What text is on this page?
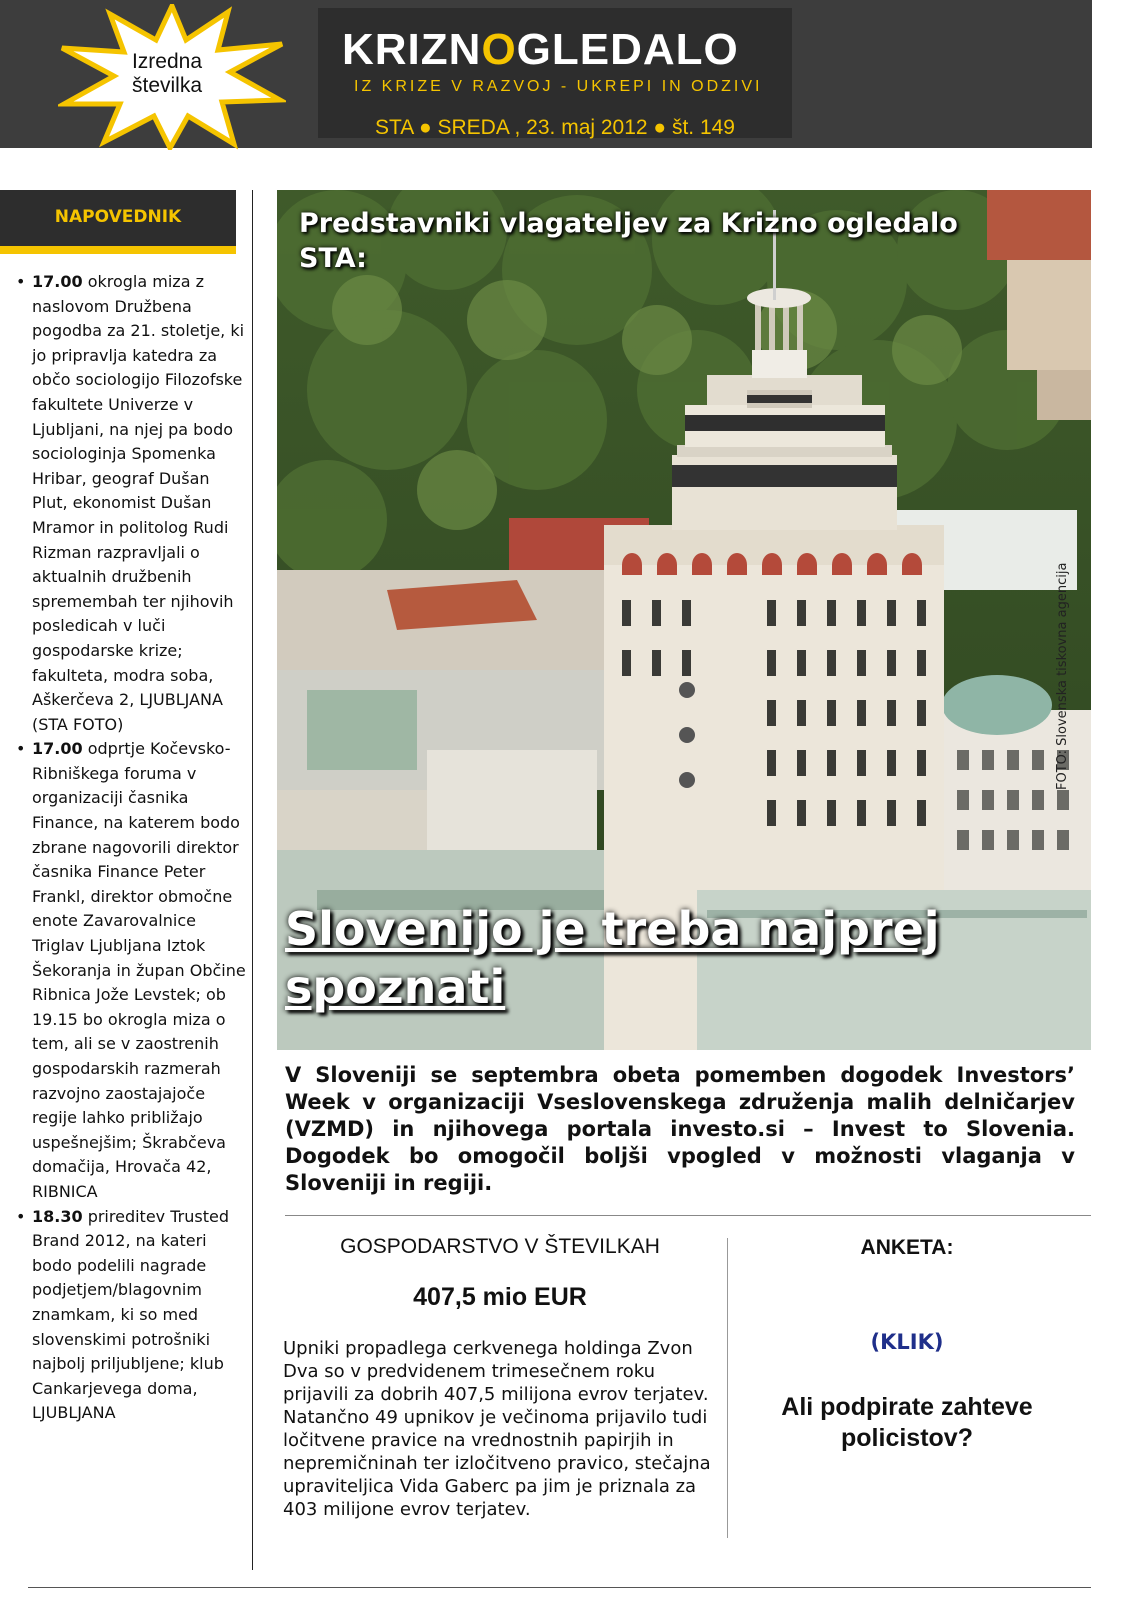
Izredna
številka
KRIZNOGLEDALO
IZ KRIZE V RAZVOJ - UKREPI IN ODZIVI
STA ● SREDA , 23. maj 2012 ● št. 149
NAPOVEDNIK
• 17.00 okrogla miza z naslovom Družbena pogodba za 21. stoletje, ki jo pripravlja katedra za občo sociologijo Filozofske fakultete Univerze v Ljubljani, na njej pa bodo sociologinja Spomenka Hribar, geograf Dušan Plut, ekonomist Dušan Mramor in politolog Rudi Rizman razpravljali o aktualnih družbenih spremembah ter njihovih posledicah v luči gospodarske krize; fakulteta, modra soba, Aškerčeva 2, LJUBLJANA (STA FOTO)
• 17.00 odprtje Kočevsko-Ribniškega foruma v organizaciji časnika Finance, na katerem bodo zbrane nagovorili direktor časnika Finance Peter Frankl, direktor območne enote Zavarovalnice Triglav Ljubljana Iztok Šekoranja in župan Občine Ribnica Jože Levstek; ob 19.15 bo okrogla miza o tem, ali se v zaostrenih gospodarskih razmerah razvojno zaostajajoče regije lahko približajo uspešnejšim; Škrabčeva domačija, Hrovača 42, RIBNICA
• 18.30 prireditev Trusted Brand 2012, na kateri bodo podelili nagrade podjetjem/blagovnim znamkam, ki so med slovenskimi potrošniki najbolj priljubljene; klub Cankarjevega doma, LJUBLJANA
Predstavniki vlagateljev za Krizno ogledalo STA:
Slovenijo je treba najprej spoznati
FOTO: Slovenska tiskovna agencija
V Sloveniji se septembra obeta pomemben dogodek Investors’ Week v organizaciji Vseslovenskega združenja malih delničarjev (VZMD) in njihovega portala investo.si – Invest to Slovenia. Dogodek bo omogočil boljši vpogled v možnosti vlaganja v Sloveniji in regiji.
GOSPODARSTVO V ŠTEVILKAH
407,5 mio EUR
Upniki propadlega cerkvenega holdinga Zvon Dva so v predvidenem trimesečnem roku prijavili za dobrih 407,5 milijona evrov terjatev. Natančno 49 upnikov je večinoma prijavilo tudi ločitvene pravice na vrednostnih papirjih in nepremičninah ter izločitveno pravico, stečajna upraviteljica Vida Gaberc pa jim je priznala za 403 milijone evrov terjatev.
ANKETA:
(KLIK)
Ali podpirate zahteve policistov?
